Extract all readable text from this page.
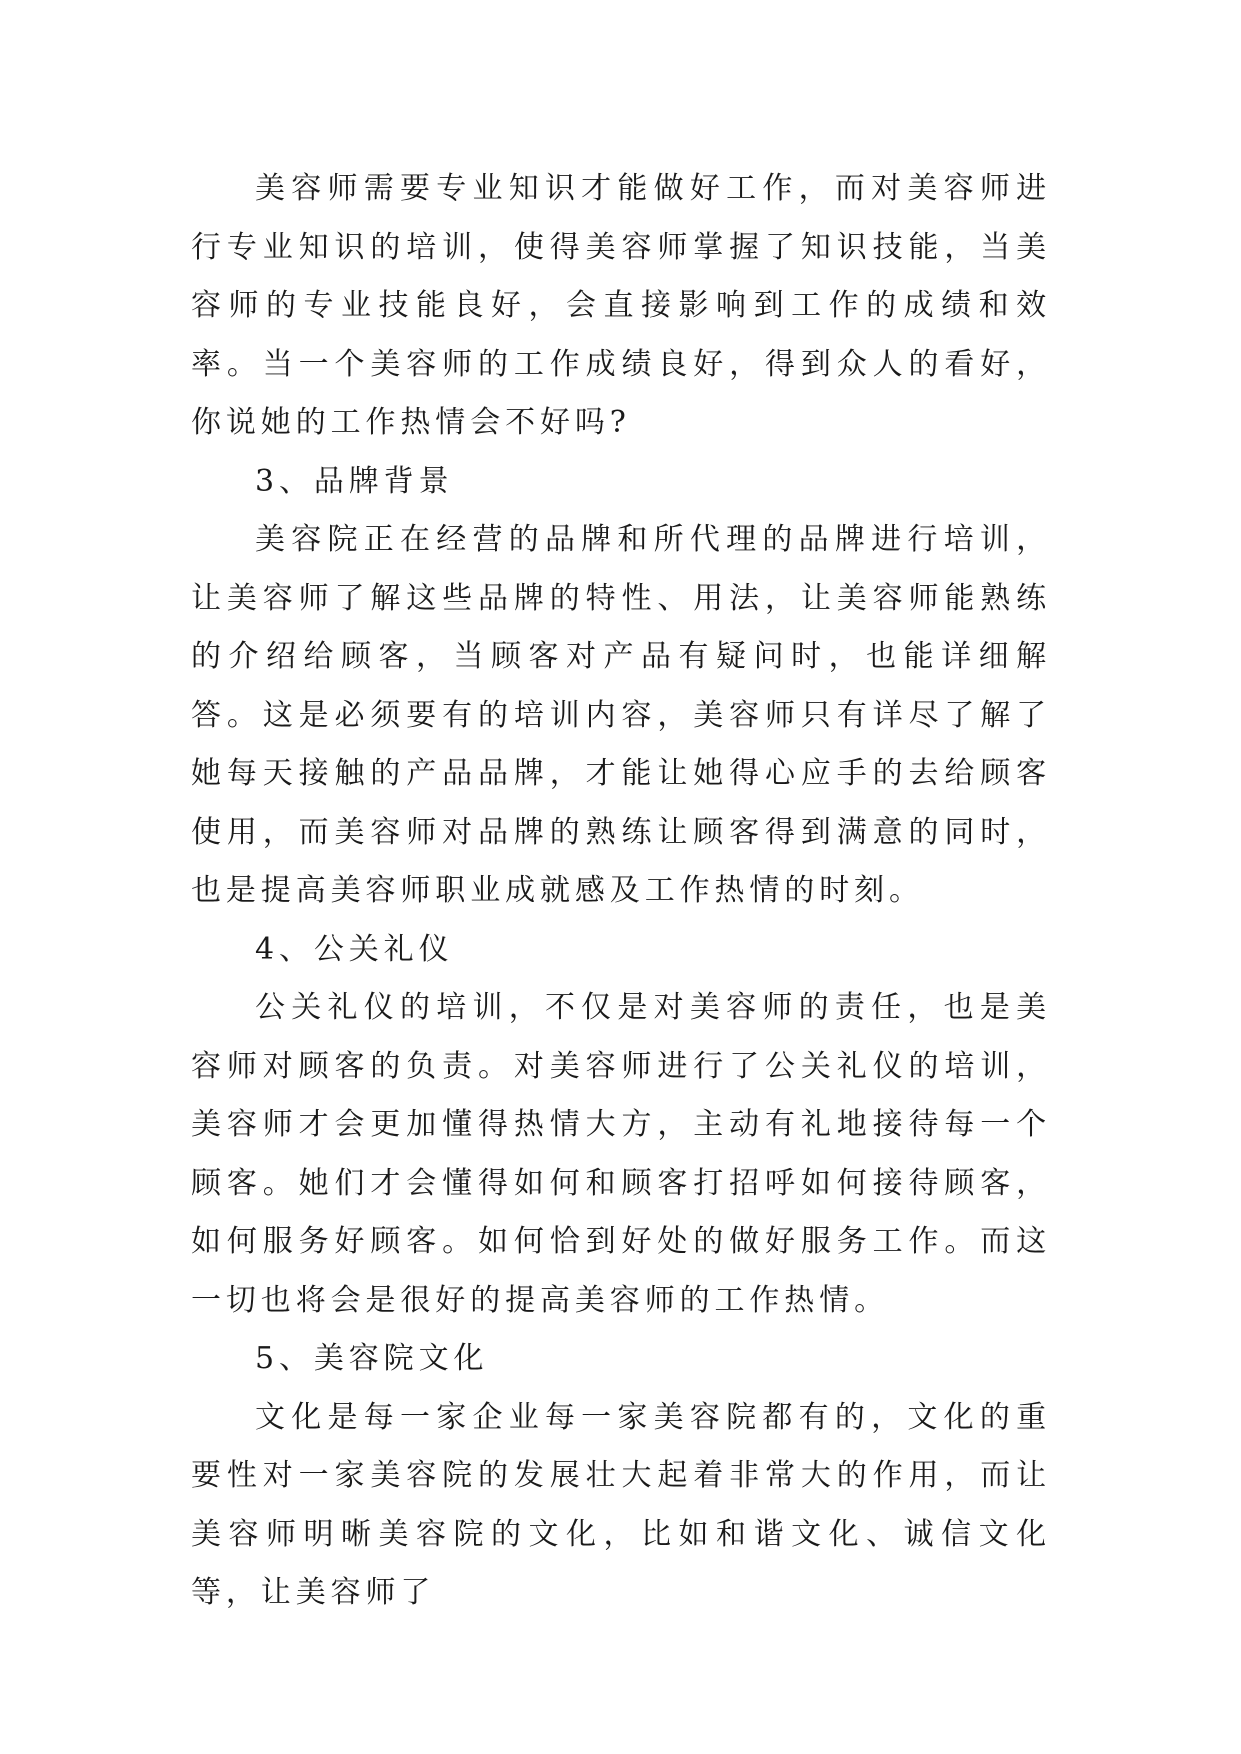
美容师需要专业知识才能做好工作，而对美容师进行专业知识的培训，使得美容师掌握了知识技能，当美容师的专业技能良好，会直接影响到工作的成绩和效率。当一个美容师的工作成绩良好，得到众人的看好，你说她的工作热情会不好吗?

3、品牌背景

美容院正在经营的品牌和所代理的品牌进行培训，让美容师了解这些品牌的特性、用法，让美容师能熟练的介绍给顾客，当顾客对产品有疑问时，也能详细解答。这是必须要有的培训内容，美容师只有详尽了解了她每天接触的产品品牌，才能让她得心应手的去给顾客使用，而美容师对品牌的熟练让顾客得到满意的同时，也是提高美容师职业成就感及工作热情的时刻。

4、公关礼仪

公关礼仪的培训，不仅是对美容师的责任，也是美容师对顾客的负责。对美容师进行了公关礼仪的培训，美容师才会更加懂得热情大方，主动有礼地接待每一个顾客。她们才会懂得如何和顾客打招呼如何接待顾客，如何服务好顾客。如何恰到好处的做好服务工作。而这一切也将会是很好的提高美容师的工作热情。

5、美容院文化

文化是每一家企业每一家美容院都有的，文化的重要性对一家美容院的发展壮大起着非常大的作用，而让美容师明晰美容院的文化，比如和谐文化、诚信文化等，让美容师了
